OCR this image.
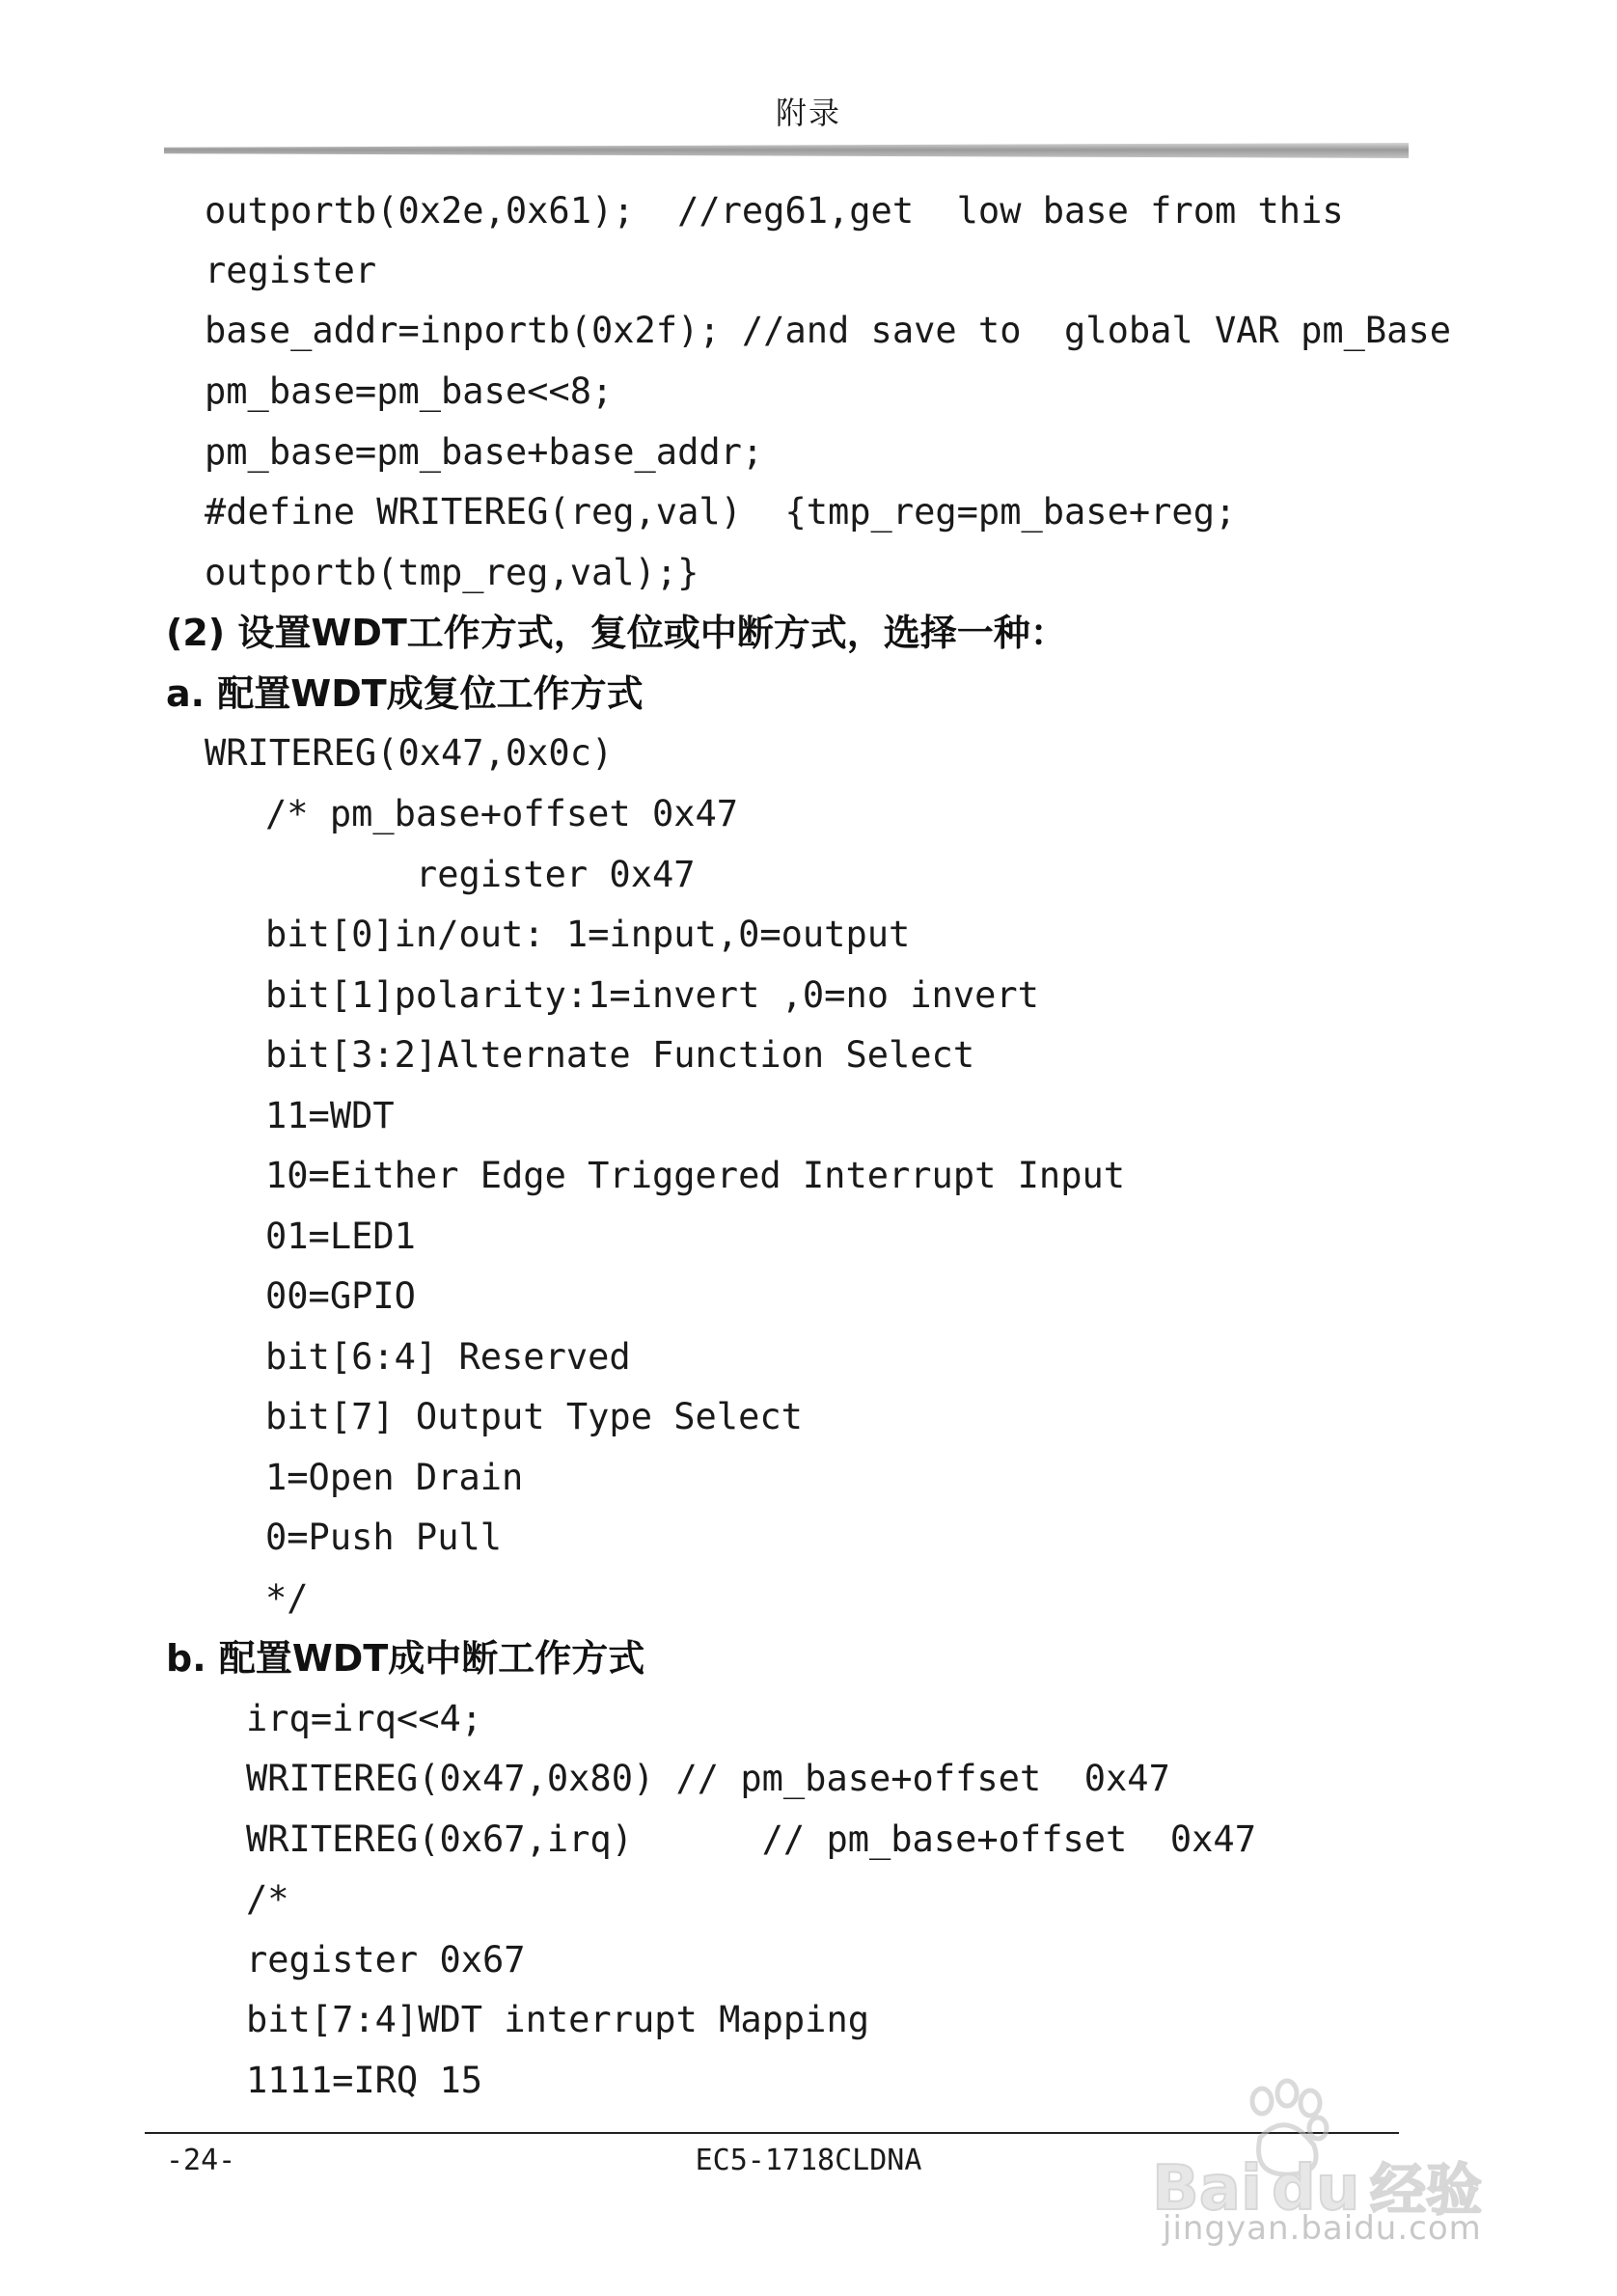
附录
outportb(0x2e,0x61);  //reg61,get  low base from this
register
base_addr=inportb(0x2f); //and save to  global VAR pm_Base
pm_base=pm_base<<8;
pm_base=pm_base+base_addr;
#define WRITEREG(reg,val)  {tmp_reg=pm_base+reg;
outportb(tmp_reg,val);}
(2) 设置WDT工作方式，复位或中断方式，选择一种：
a. 配置WDT成复位工作方式
WRITEREG(0x47,0x0c)
/* pm_base+offset 0x47
register 0x47
bit[0]in/out: 1=input,0=output
bit[1]polarity:1=invert ,0=no invert
bit[3:2]Alternate Function Select
11=WDT
10=Either Edge Triggered Interrupt Input
01=LED1
00=GPIO
bit[6:4] Reserved
bit[7] Output Type Select
1=Open Drain
0=Push Pull
*/
b. 配置WDT成中断工作方式
irq=irq<<4;
WRITEREG(0x47,0x80) // pm_base+offset  0x47
WRITEREG(0x67,irq)      // pm_base+offset  0x47
/*
register 0x67
bit[7:4]WDT interrupt Mapping
1111=IRQ 15
-24-	EC5-1718CLDNA	Bai du 经验
jingyan.baidu.com
